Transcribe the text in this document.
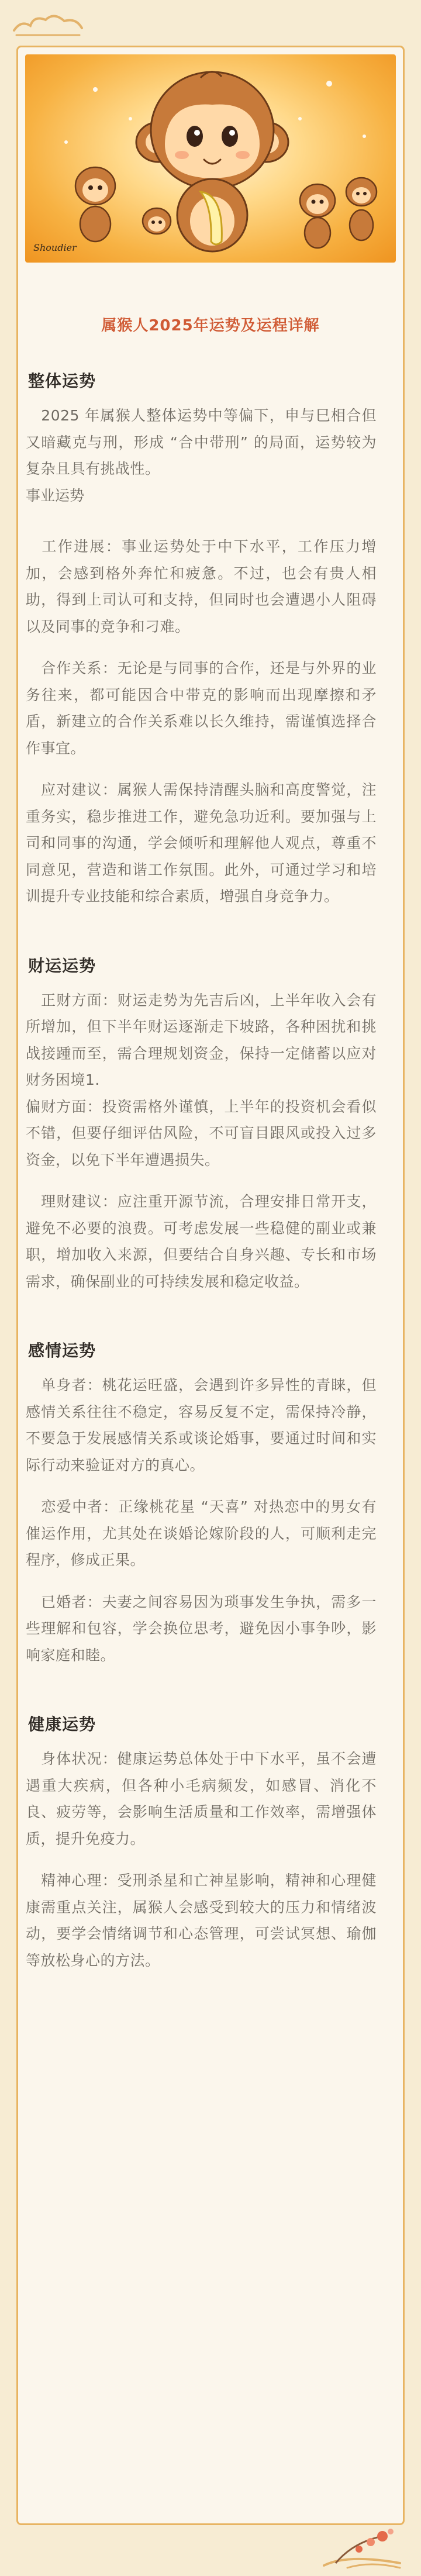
Shoudier
属猴人2025年运势及运程详解
整体运势

　2025 年属猴人整体运势中等偏下，申与巳相合但又暗藏克与刑，形成 “合中带刑” 的局面，运势较为复杂且具有挑战性。

事业运势

　工作进展：事业运势处于中下水平，工作压力增加，会感到格外奔忙和疲惫。不过，也会有贵人相助，得到上司认可和支持，但同时也会遭遇小人阻碍以及同事的竞争和刁难。

　合作关系：无论是与同事的合作，还是与外界的业务往来，都可能因合中带克的影响而出现摩擦和矛盾，新建立的合作关系难以长久维持，需谨慎选择合作事宜。

　应对建议：属猴人需保持清醒头脑和高度警觉，注重务实，稳步推进工作，避免急功近利。要加强与上司和同事的沟通，学会倾听和理解他人观点，尊重不同意见，营造和谐工作氛围。此外，可通过学习和培训提升专业技能和综合素质，增强自身竞争力。

财运运势

　正财方面：财运走势为先吉后凶，上半年收入会有所增加，但下半年财运逐渐走下坡路，各种困扰和挑战接踵而至，需合理规划资金，保持一定储蓄以应对财务困境1.

偏财方面：投资需格外谨慎，上半年的投资机会看似不错，但要仔细评估风险，不可盲目跟风或投入过多资金，以免下半年遭遇损失。

　理财建议：应注重开源节流，合理安排日常开支，避免不必要的浪费。可考虑发展一些稳健的副业或兼职，增加收入来源，但要结合自身兴趣、专长和市场需求，确保副业的可持续发展和稳定收益。

感情运势

　单身者：桃花运旺盛，会遇到许多异性的青睐，但感情关系往往不稳定，容易反复不定，需保持冷静，不要急于发展感情关系或谈论婚事，要通过时间和实际行动来验证对方的真心。

　恋爱中者：正缘桃花星 “天喜” 对热恋中的男女有催运作用，尤其处在谈婚论嫁阶段的人，可顺利走完程序，修成正果。

　已婚者：夫妻之间容易因为琐事发生争执，需多一些理解和包容，学会换位思考，避免因小事争吵，影响家庭和睦。

健康运势

　身体状况：健康运势总体处于中下水平，虽不会遭遇重大疾病，但各种小毛病频发，如感冒、消化不良、疲劳等，会影响生活质量和工作效率，需增强体质，提升免疫力。

　精神心理：受刑杀星和亡神星影响，精神和心理健康需重点关注，属猴人会感受到较大的压力和情绪波动，要学会情绪调节和心态管理，可尝试冥想、瑜伽等放松身心的方法。
